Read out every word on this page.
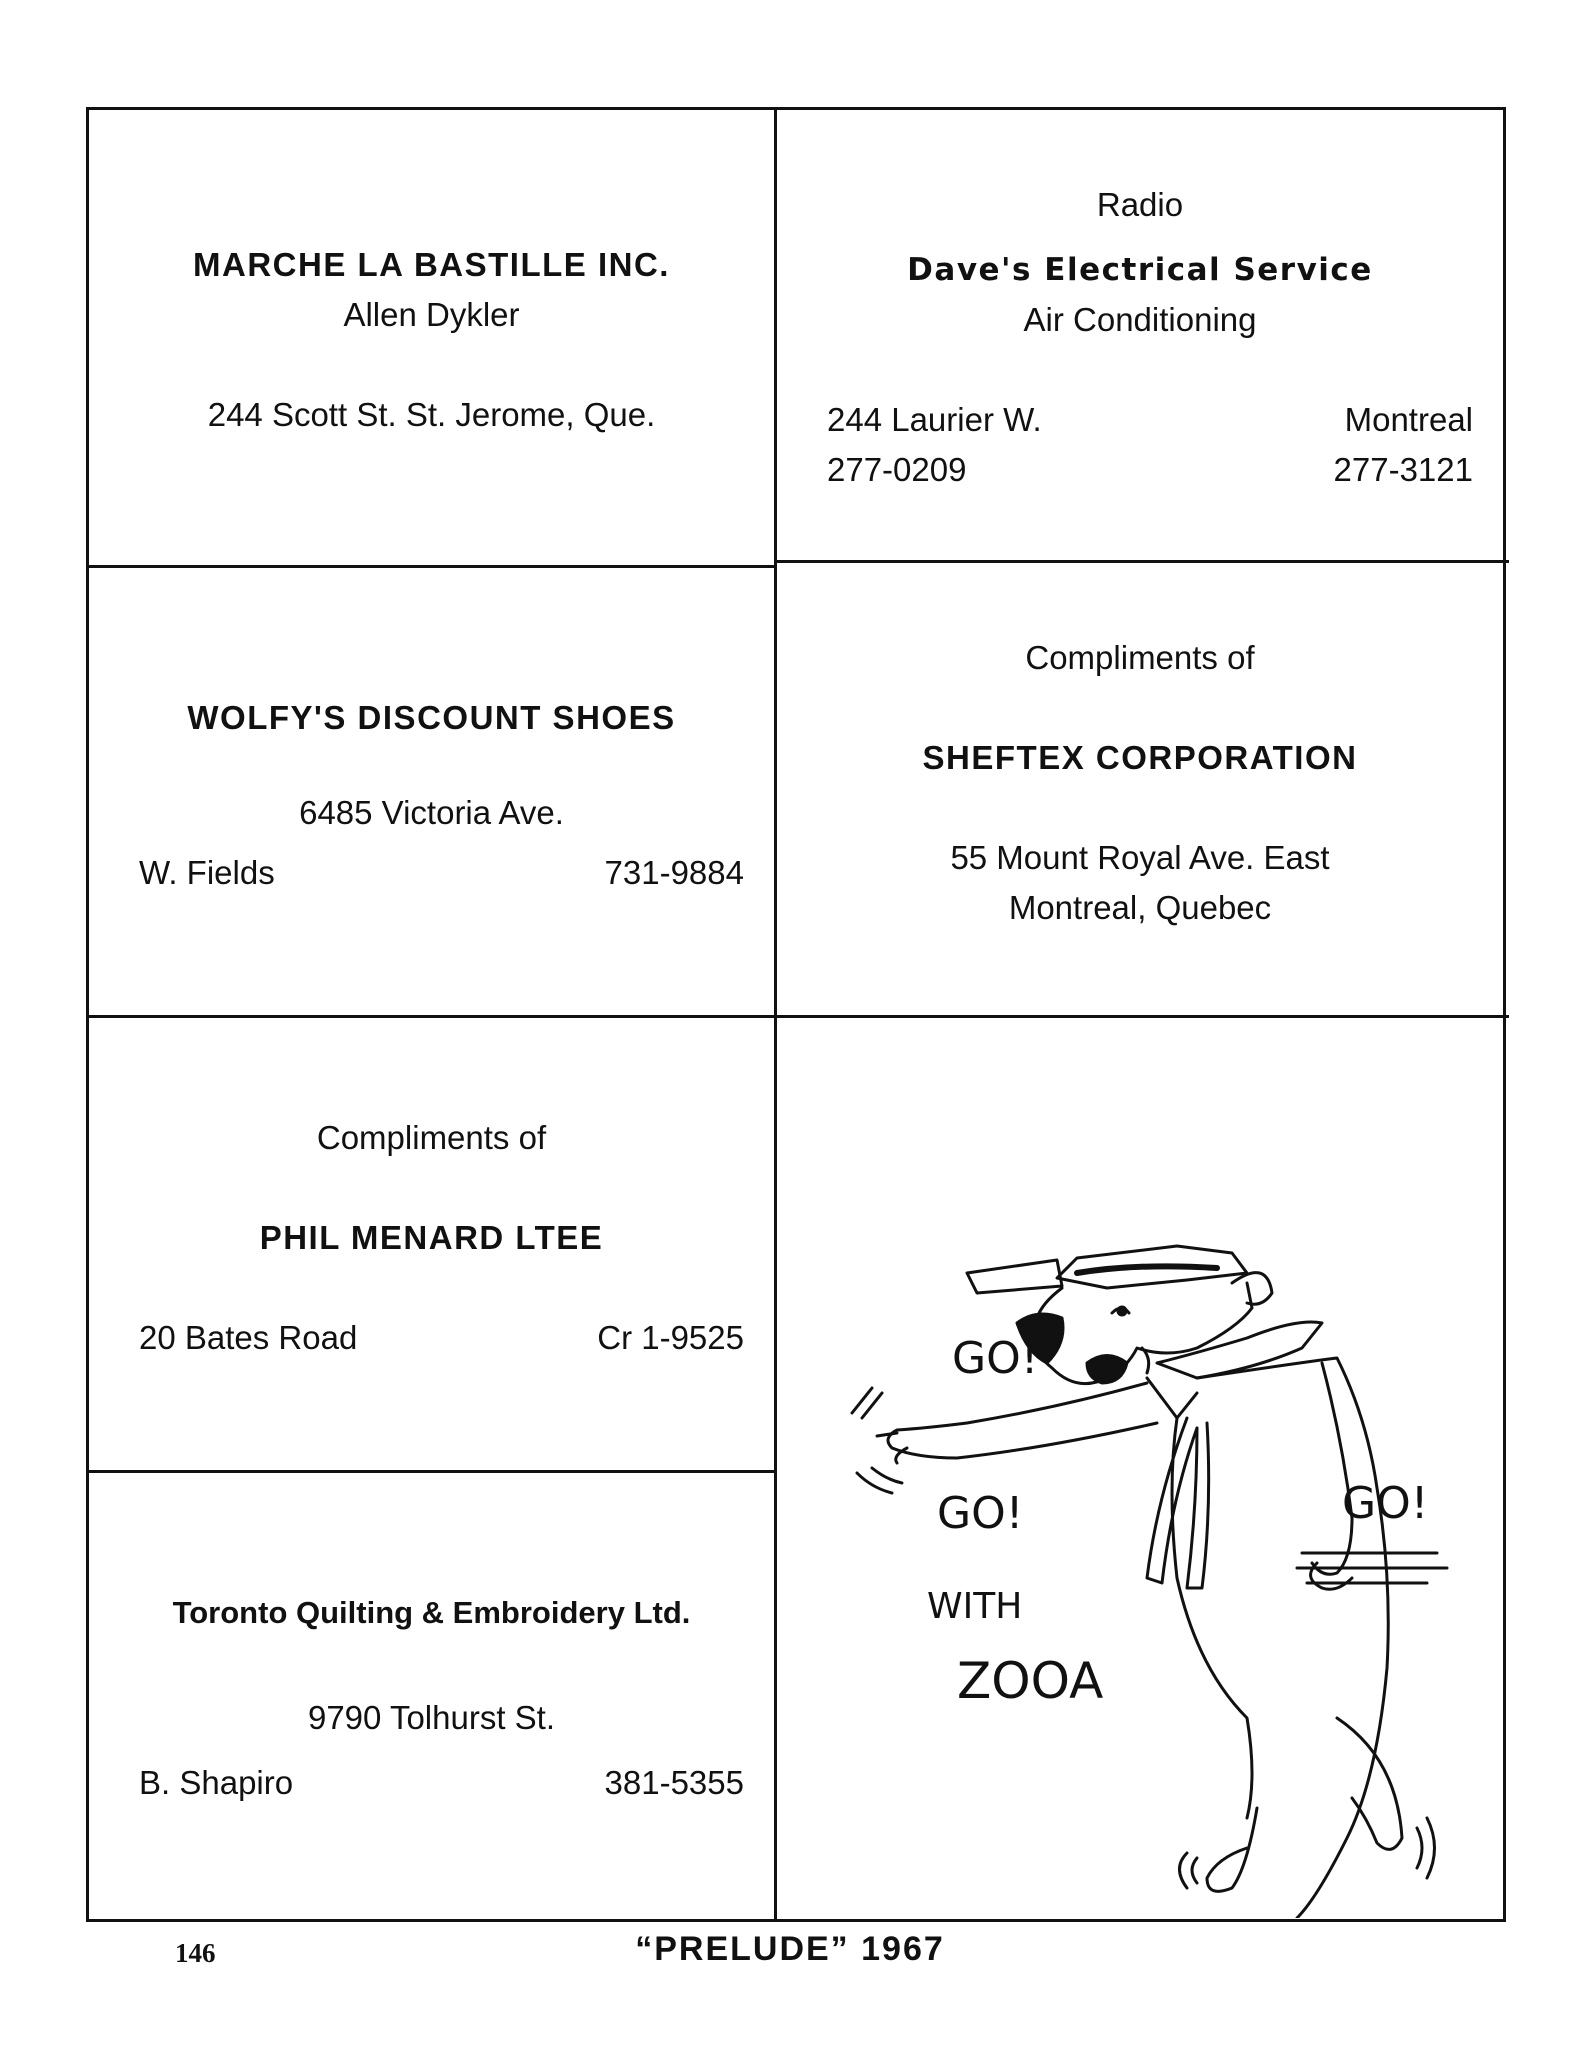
MARCHE LA BASTILLE INC.
Allen Dykler
244 Scott St. St. Jerome, Que.
Radio
Dave's Electrical Service
Air Conditioning
244 Laurier W.	Montreal
277-0209	277-3121
WOLFY'S DISCOUNT SHOES
6485 Victoria Ave.
W. Fields	731-9884
Compliments of
SHEFTEX CORPORATION
55 Mount Royal Ave. East
Montreal, Quebec
Compliments of
PHIL MENARD LTEE
20 Bates Road	Cr 1-9525
Toronto Quilting & Embroidery Ltd.
9790 Tolhurst St.
B. Shapiro	381-5355
GO!
GO!	GO!
WITH
ZOOA
146	“PRELUDE” 1967
